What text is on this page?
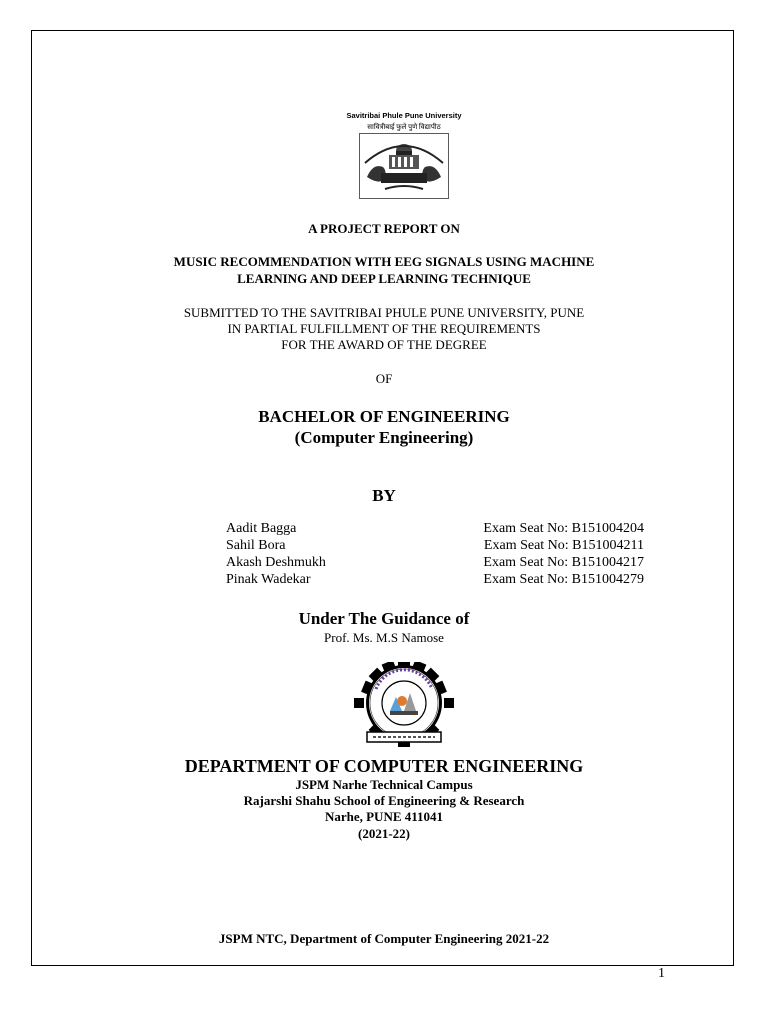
Savitribai Phule Pune University
सावित्रीबाई फुले पुणे विद्यापीठ
A PROJECT REPORT ON
MUSIC RECOMMENDATION WITH EEG SIGNALS USING MACHINE
LEARNING AND DEEP LEARNING TECHNIQUE
SUBMITTED TO THE SAVITRIBAI PHULE PUNE UNIVERSITY, PUNE
IN PARTIAL FULFILLMENT OF THE REQUIREMENTS
FOR THE AWARD OF THE DEGREE
OF
BACHELOR OF ENGINEERING
(Computer Engineering)
BY
Aadit Bagga	Exam Seat No: B151004204
Sahil Bora	Exam Seat No: B151004211
Akash Deshmukh	Exam Seat No: B151004217
Pinak Wadekar	Exam Seat No: B151004279
Under The Guidance of
Prof. Ms. M.S Namose
DEPARTMENT OF COMPUTER ENGINEERING
JSPM Narhe Technical Campus
Rajarshi Shahu School of Engineering & Research
Narhe, PUNE 411041
(2021-22)
JSPM NTC, Department of Computer Engineering 2021-22
1
